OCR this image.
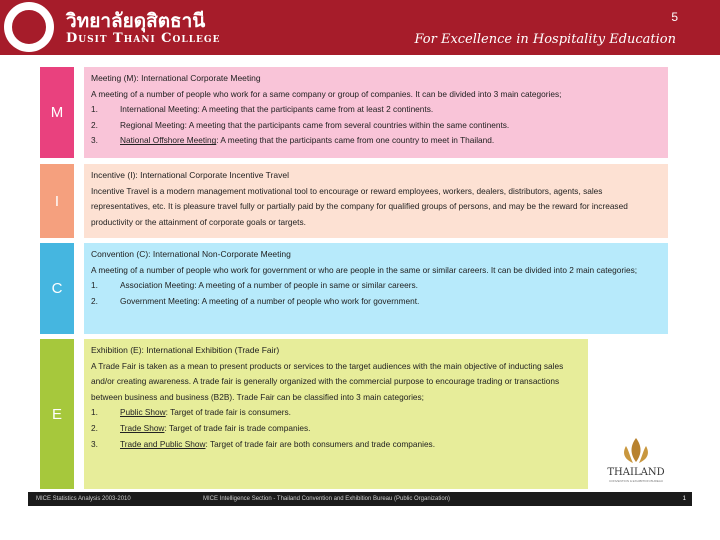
วิทยาลัยดุสิตธานี
Dusit Thani College
5
For Excellence in Hospitality Education
M

Meeting (M): International Corporate Meeting

A meeting of a number of people who work for a same company or group of companies. It can be divided into 3 main categories;

1.	International Meeting: A meeting that the participants came from at least 2 continents.
2.	Regional Meeting: A meeting that the participants came from several countries within the same continents.
3.	National Offshore Meeting: A meeting that the participants came from one country to meet in Thailand.
I

Incentive (I): International Corporate Incentive Travel

Incentive Travel is a modern management motivational tool to encourage or reward employees, workers, dealers, distributors, agents, sales representatives, etc. It is pleasure travel fully or partially paid by the company for qualified groups of persons, and may be the reward for increased productivity or the attainment of corporate goals or targets.

C

Convention (C): International Non-Corporate Meeting

A meeting of a number of people who work for government or who are people in the same or similar careers. It can be divided into 2 main categories;

1.	Association Meeting: A meeting of a number of people in same or similar careers.
2.	Government Meeting: A meeting of a number of people who work for government.
E

Exhibition (E): International Exhibition (Trade Fair)

A Trade Fair is taken as a mean to present products or services to the target audiences with the main objective of inducting sales and/or creating awareness. A trade fair is generally organized with the commercial purpose to encourage trading or transactions between business and business (B2B). Trade Fair can be classified into 3 main categories;

1.	Public Show: Target of trade fair is consumers.
2.	Trade Show: Target of trade fair is trade companies.
3.	Trade and Public Show: Target of trade fair are both consumers and trade companies.
THAILAND
CONVENTION & EXHIBITION BUREAU
MICE Statistics Analysis 2003-2010	MICE Intelligence Section - Thailand Convention and Exhibition Bureau (Public Organization)	1
